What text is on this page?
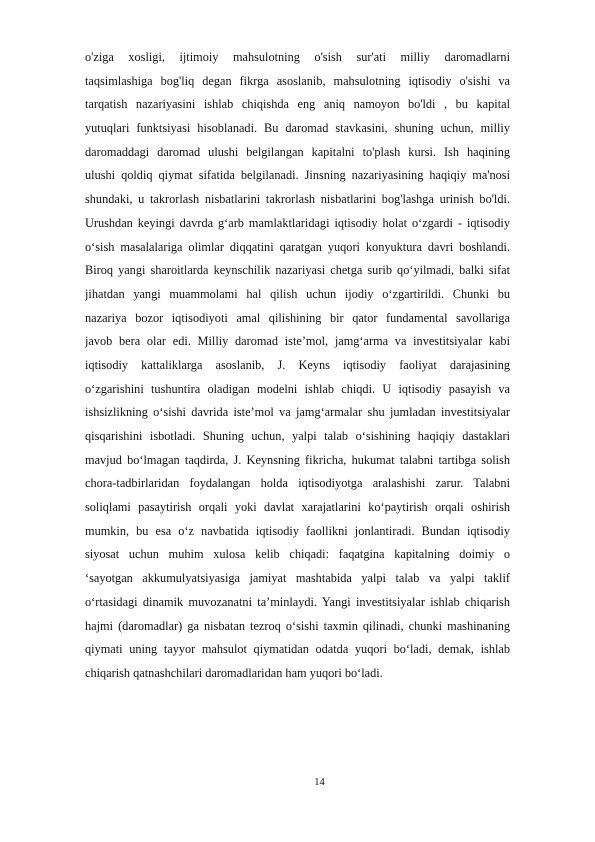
o'ziga xosligi, ijtimoiy mahsulotning o'sish sur'ati milliy daromadlarni
taqsimlashiga bog'liq degan fikrga asoslanib, mahsulotning iqtisodiy o'sishi va
tarqatish nazariyasini ishlab chiqishda eng aniq namoyon bo'ldi , bu kapital
yutuqlari funktsiyasi hisoblanadi. Bu daromad stavkasini, shuning uchun, milliy
daromaddagi daromad ulushi belgilangan kapitalni to'plash kursi. Ish haqining
ulushi qoldiq qiymat sifatida belgilanadi. Jinsning nazariyasining haqiqiy ma'nosi
shundaki, u takrorlash nisbatlarini takrorlash nisbatlarini bog'lashga urinish bo'ldi.
Urushdan keyingi davrda g‘arb mamlaktlaridagi iqtisodiy holat o‘zgardi - iqtisodiy
o‘sish masalalariga olimlar diqqatini qaratgan yuqori konyuktura davri boshlandi.
Biroq yangi sharoitlarda keynschilik nazariyasi chetga surib qo‘yilmadi, balki sifat
jihatdan yangi muammolami hal qilish uchun ijodiy o‘zgartirildi. Chunki bu
nazariya bozor iqtisodiyoti amal qilishining bir qator fundamental savollariga
javob bera olar edi. Milliy daromad iste’mol, jamg‘arma va investitsiyalar kabi
iqtisodiy kattaliklarga asoslanib, J. Keyns iqtisodiy faoliyat darajasining
o‘zgarishini tushuntira oladigan modelni ishlab chiqdi. U iqtisodiy pasayish va
ishsizlikning o‘sishi davrida iste’mol va jamg‘armalar shu jumladan investitsiyalar
qisqarishini isbotladi. Shuning uchun, yalpi talab o‘sishining haqiqiy dastaklari
mavjud bo‘lmagan taqdirda, J. Keynsning fikricha, hukumat talabni tartibga solish
chora-tadbirlaridan foydalangan holda iqtisodiyotga aralashishi zarur. Talabni
soliqlami pasaytirish orqali yoki davlat xarajatlarini ko‘paytirish orqali oshirish
mumkin, bu esa o‘z navbatida iqtisodiy faollikni jonlantiradi. Bundan iqtisodiy
siyosat uchun muhim xulosa kelib chiqadi: faqatgina kapitalning doimiy o
‘sayotgan akkumulyatsiyasiga jamiyat mashtabida yalpi talab va yalpi taklif
o‘rtasidagi dinamik muvozanatni ta’minlaydi. Yangi investitsiyalar ishlab chiqarish
hajmi (daromadlar) ga nisbatan tezroq o‘sishi taxmin qilinadi, chunki mashinaning
qiymati uning tayyor mahsulot qiymatidan odatda yuqori bo‘ladi, demak, ishlab
chiqarish qatnashchilari daromadlaridan ham yuqori bo‘ladi.
14
